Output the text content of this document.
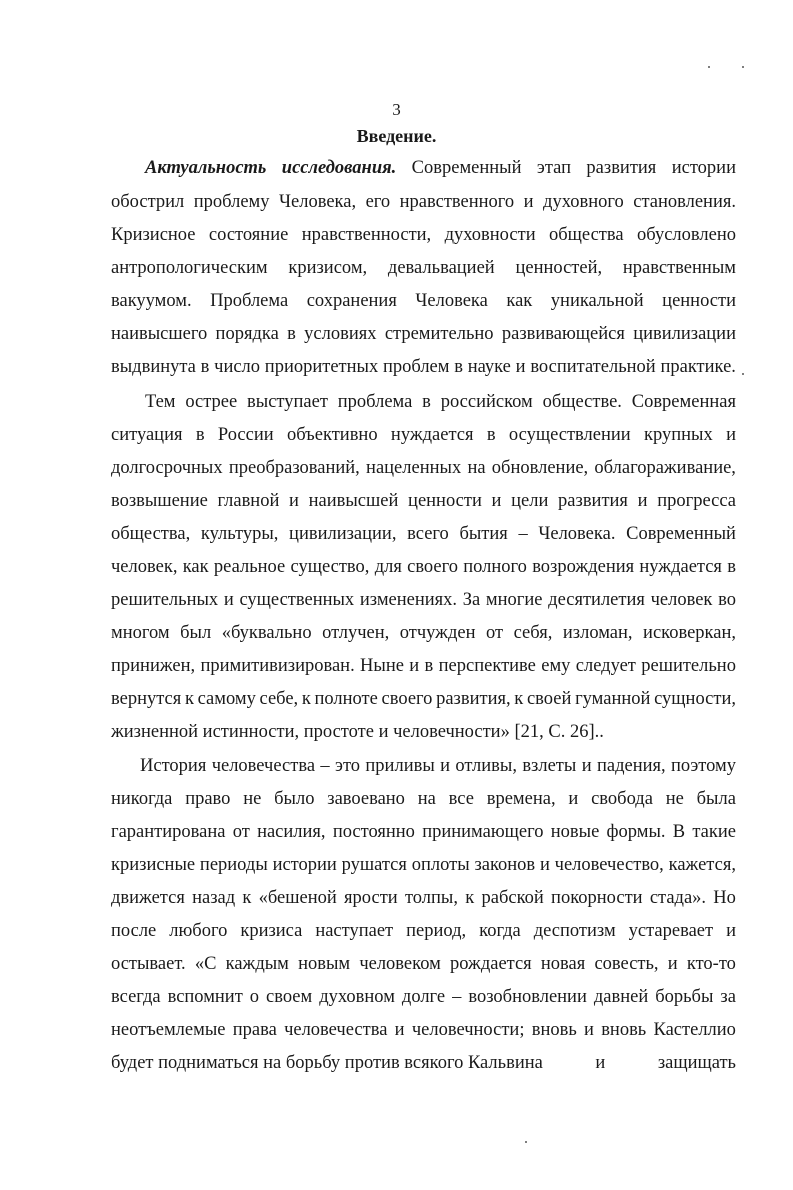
3
Введение.
Актуальность исследования. Современный этап развития истории
обострил проблему Человека, его нравственного и духовного становления.
Кризисное состояние нравственности, духовности общества обусловлено
антропологическим кризисом, девальвацией ценностей, нравственным
вакуумом. Проблема сохранения Человека как уникальной ценности
наивысшего порядка в условиях стремительно развивающейся цивилизации
выдвинута в число приоритетных проблем в науке и воспитательной практике.
Тем острее выступает проблема в российском обществе. Современная
ситуация в России объективно нуждается в осуществлении крупных и
долгосрочных преобразований, нацеленных на обновление, облагораживание,
возвышение главной и наивысшей ценности и цели развития и прогресса
общества, культуры, цивилизации, всего бытия – Человека. Современный
человек, как реальное существо, для своего полного возрождения нуждается в
решительных и существенных изменениях. За многие десятилетия человек во
многом был «буквально отлучен, отчужден от себя, изломан, исковеркан,
принижен, примитивизирован. Ныне и в перспективе ему следует решительно
вернутся к самому себе, к полноте своего развития, к своей гуманной сущности,
жизненной истинности, простоте и человечности» [21, С. 26]..
История человечества – это приливы и отливы, взлеты и падения, поэтому
никогда право не было завоевано на все времена, и свобода не была
гарантирована от насилия, постоянно принимающего новые формы. В такие
кризисные периоды истории рушатся оплоты законов и человечество, кажется,
движется назад к «бешеной ярости толпы, к рабской покорности стада». Но
после любого кризиса наступает период, когда деспотизм устаревает и
остывает. «С каждым новым человеком рождается новая совесть, и кто-то
всегда вспомнит о своем духовном долге – возобновлении давней борьбы за
неотъемлемые права человечества и человечности; вновь и вновь Кастеллио
будет подниматься на борьбу против всякого Кальвина	и	защищать
